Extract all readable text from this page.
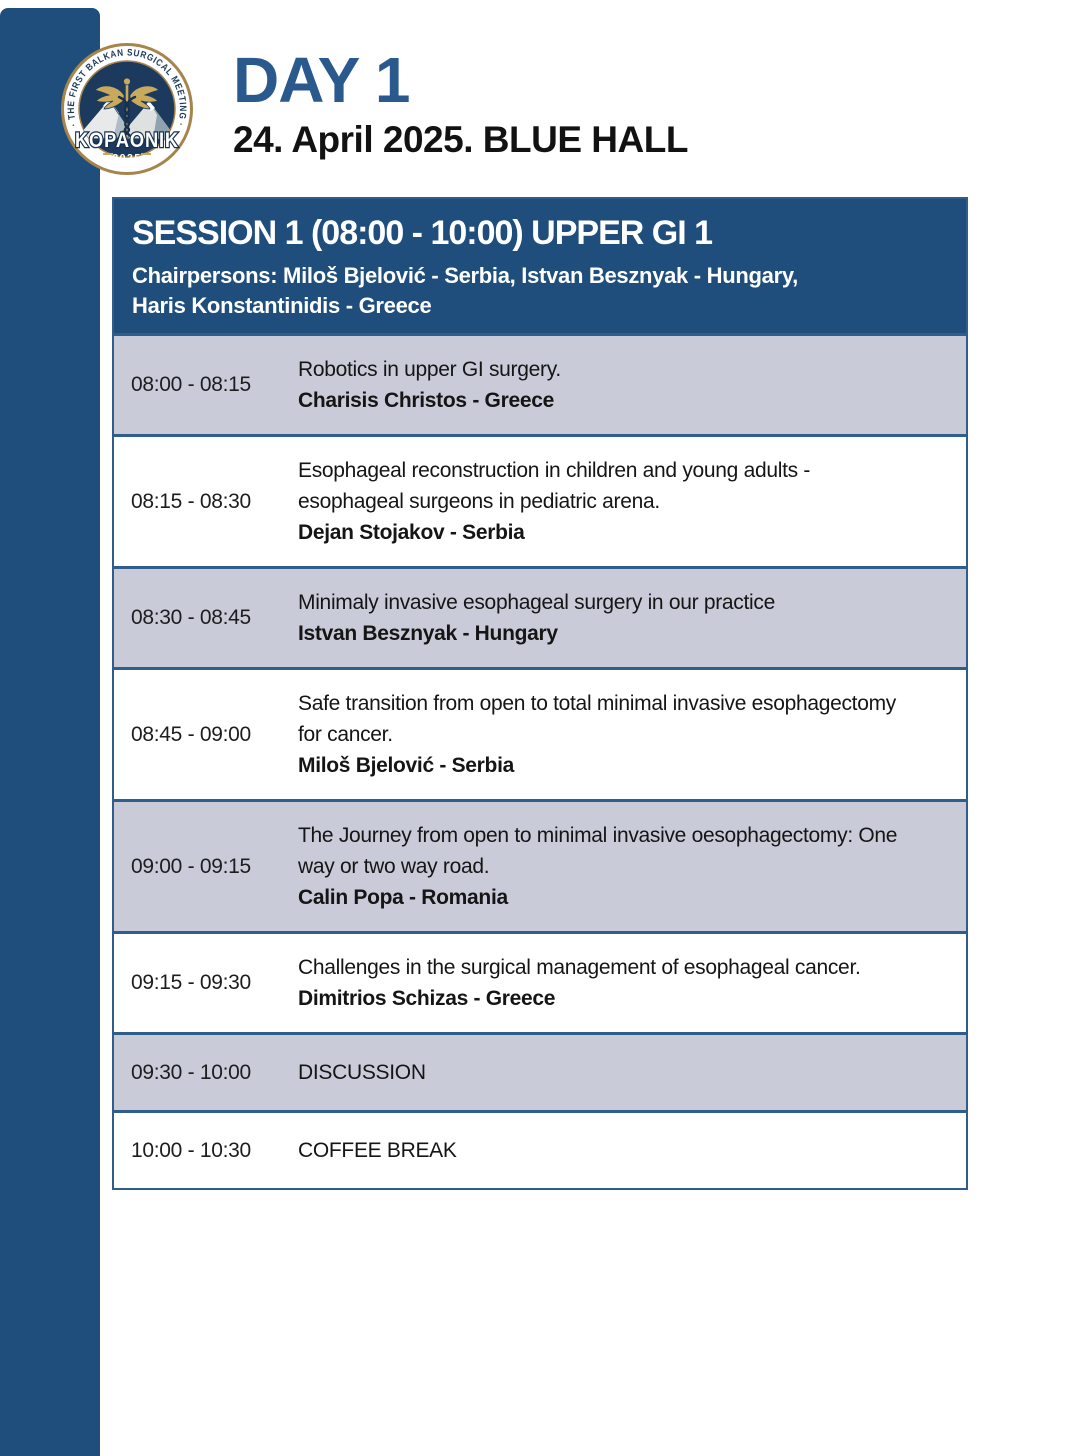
· THE FIRST BALKAN SURGICAL MEETING ·
KOPAONIK
2025
DAY 1
24. April 2025. BLUE HALL
SESSION 1 (08:00 - 10:00) UPPER GI 1
Chairpersons: Miloš Bjelović - Serbia, Istvan Besznyak - Hungary,
Haris Konstantinidis - Greece
08:00 - 08:15
Robotics in upper GI surgery.
Charisis Christos - Greece
08:15 - 08:30
Esophageal reconstruction in children and young adults - esophageal surgeons in pediatric arena.
Dejan Stojakov - Serbia
08:30 - 08:45
Minimaly invasive esophageal surgery in our practice
Istvan Besznyak - Hungary
08:45 - 09:00
Safe transition from open to total minimal invasive esophagectomy for cancer.
Miloš Bjelović - Serbia
09:00 - 09:15
The Journey from open to minimal invasive oesophagectomy: One way or two way road.
Calin Popa - Romania
09:15 - 09:30
Challenges in the surgical management of esophageal cancer.
Dimitrios Schizas - Greece
09:30 - 10:00	DISCUSSION
10:00 - 10:30	COFFEE BREAK
